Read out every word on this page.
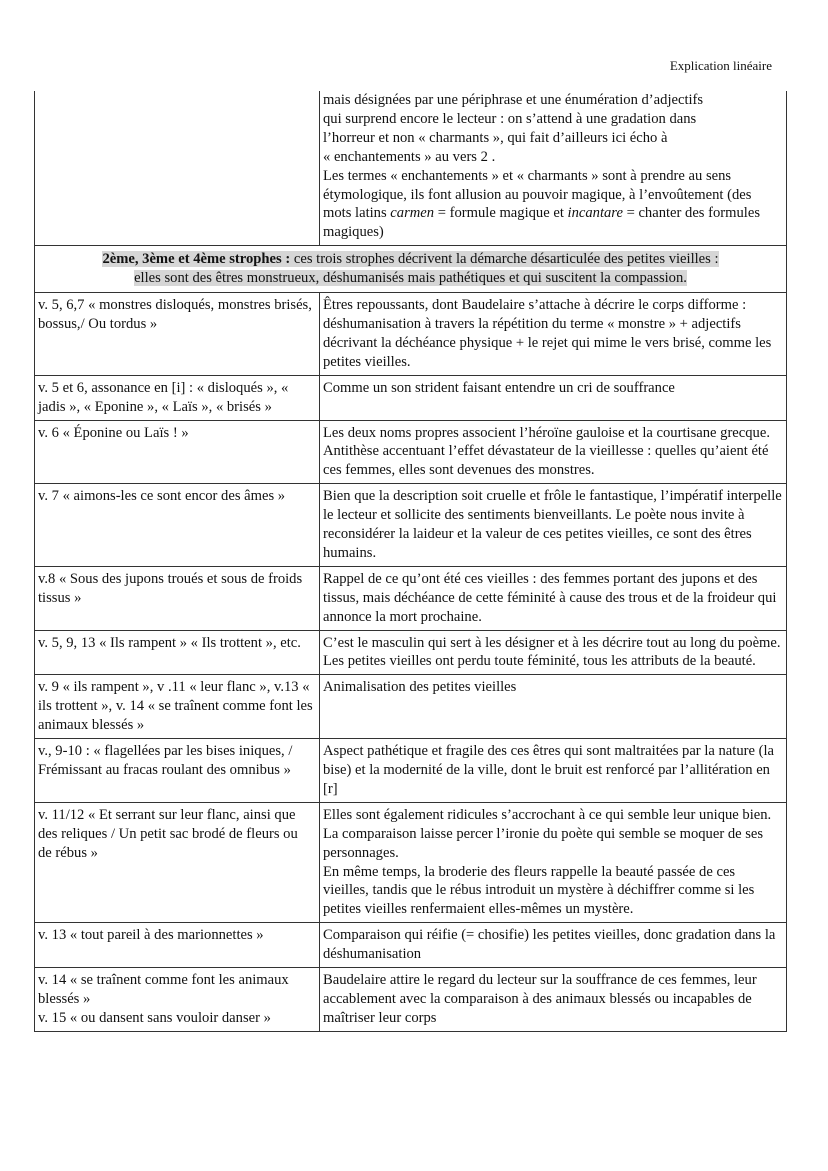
Explication linéaire

	mais désignées par une périphrase et une énumération d’adjectifs
qui surprend encore le lecteur : on s’attend à une gradation dans
l’horreur et non « charmants », qui fait d’ailleurs ici écho à
« enchantements » au vers 2 .
Les termes « enchantements » et « charmants » sont à prendre au sens étymologique, ils font allusion au pouvoir magique, à l’envoûtement (des mots latins carmen = formule magique et incantare = chanter des formules magiques)

2ème, 3ème et 4ème strophes : ces trois strophes décrivent la démarche désarticulée des petites vieilles :
elles sont des êtres monstrueux, déshumanisés mais pathétiques et qui suscitent la compassion.	

v. 5, 6,7 « monstres disloqués, monstres brisés, bossus,/ Ou tordus »	Êtres repoussants, dont Baudelaire s’attache à décrire le corps difforme : déshumanisation à travers la répétition du terme « monstre » + adjectifs décrivant la déchéance physique + le rejet qui mime le vers brisé, comme les petites vieilles.

v. 5 et 6, assonance en [i] : « disloqués », « jadis », « Eponine », « Laïs », « brisés »	Comme un son strident faisant entendre un cri de souffrance

v. 6 « Éponine ou Laïs ! »	Les deux noms propres associent l’héroïne gauloise et la courtisane grecque. Antithèse accentuant l’effet dévastateur de la vieillesse : quelles qu’aient été ces femmes, elles sont devenues des monstres.

v. 7 « aimons-les ce sont encor des âmes »	Bien que la description soit cruelle et frôle le fantastique, l’impératif interpelle le lecteur et sollicite des sentiments bienveillants. Le poète nous invite à reconsidérer la laideur et la valeur de ces petites vieilles, ce sont des êtres humains.

v.8 « Sous des jupons troués et sous de froids tissus »	Rappel de ce qu’ont été ces vieilles : des femmes portant des jupons et des tissus, mais déchéance de cette féminité à cause des trous et de la froideur qui annonce la mort prochaine.

v. 5, 9, 13 « Ils rampent » « Ils trottent », etc.	C’est le masculin qui sert à les désigner et à les décrire tout au long du poème. Les petites vieilles ont perdu toute féminité, tous les attributs de la beauté.

v. 9 « ils rampent », v .11 « leur flanc », v.13 « ils trottent », v. 14 « se traînent comme font les animaux blessés »	Animalisation des petites vieilles

v., 9-10 : « flagellées par les bises iniques, / Frémissant au fracas roulant des omnibus »	Aspect pathétique et fragile des ces êtres qui sont maltraitées par la nature (la bise) et la modernité de la ville, dont le bruit est renforcé par l’allitération en [r]

v. 11/12 « Et serrant sur leur flanc, ainsi que des reliques / Un petit sac brodé de fleurs ou de rébus »	Elles sont également ridicules s’accrochant à ce qui semble leur unique bien. La comparaison laisse percer l’ironie du poète qui semble se moquer de ses personnages.
En même temps, la broderie des fleurs rappelle la beauté passée de ces vieilles, tandis que le rébus introduit un mystère à déchiffrer comme si les petites vieilles renfermaient elles-mêmes un mystère.

v. 13 « tout pareil à des marionnettes »	Comparaison qui réifie (= chosifie) les petites vieilles, donc gradation dans la déshumanisation

v. 14 « se traînent comme font les animaux blessés »
v. 15 « ou dansent sans vouloir danser »	Baudelaire attire le regard du lecteur sur la souffrance de ces femmes, leur accablement avec la comparaison à des animaux blessés ou incapables de maîtriser leur corps
